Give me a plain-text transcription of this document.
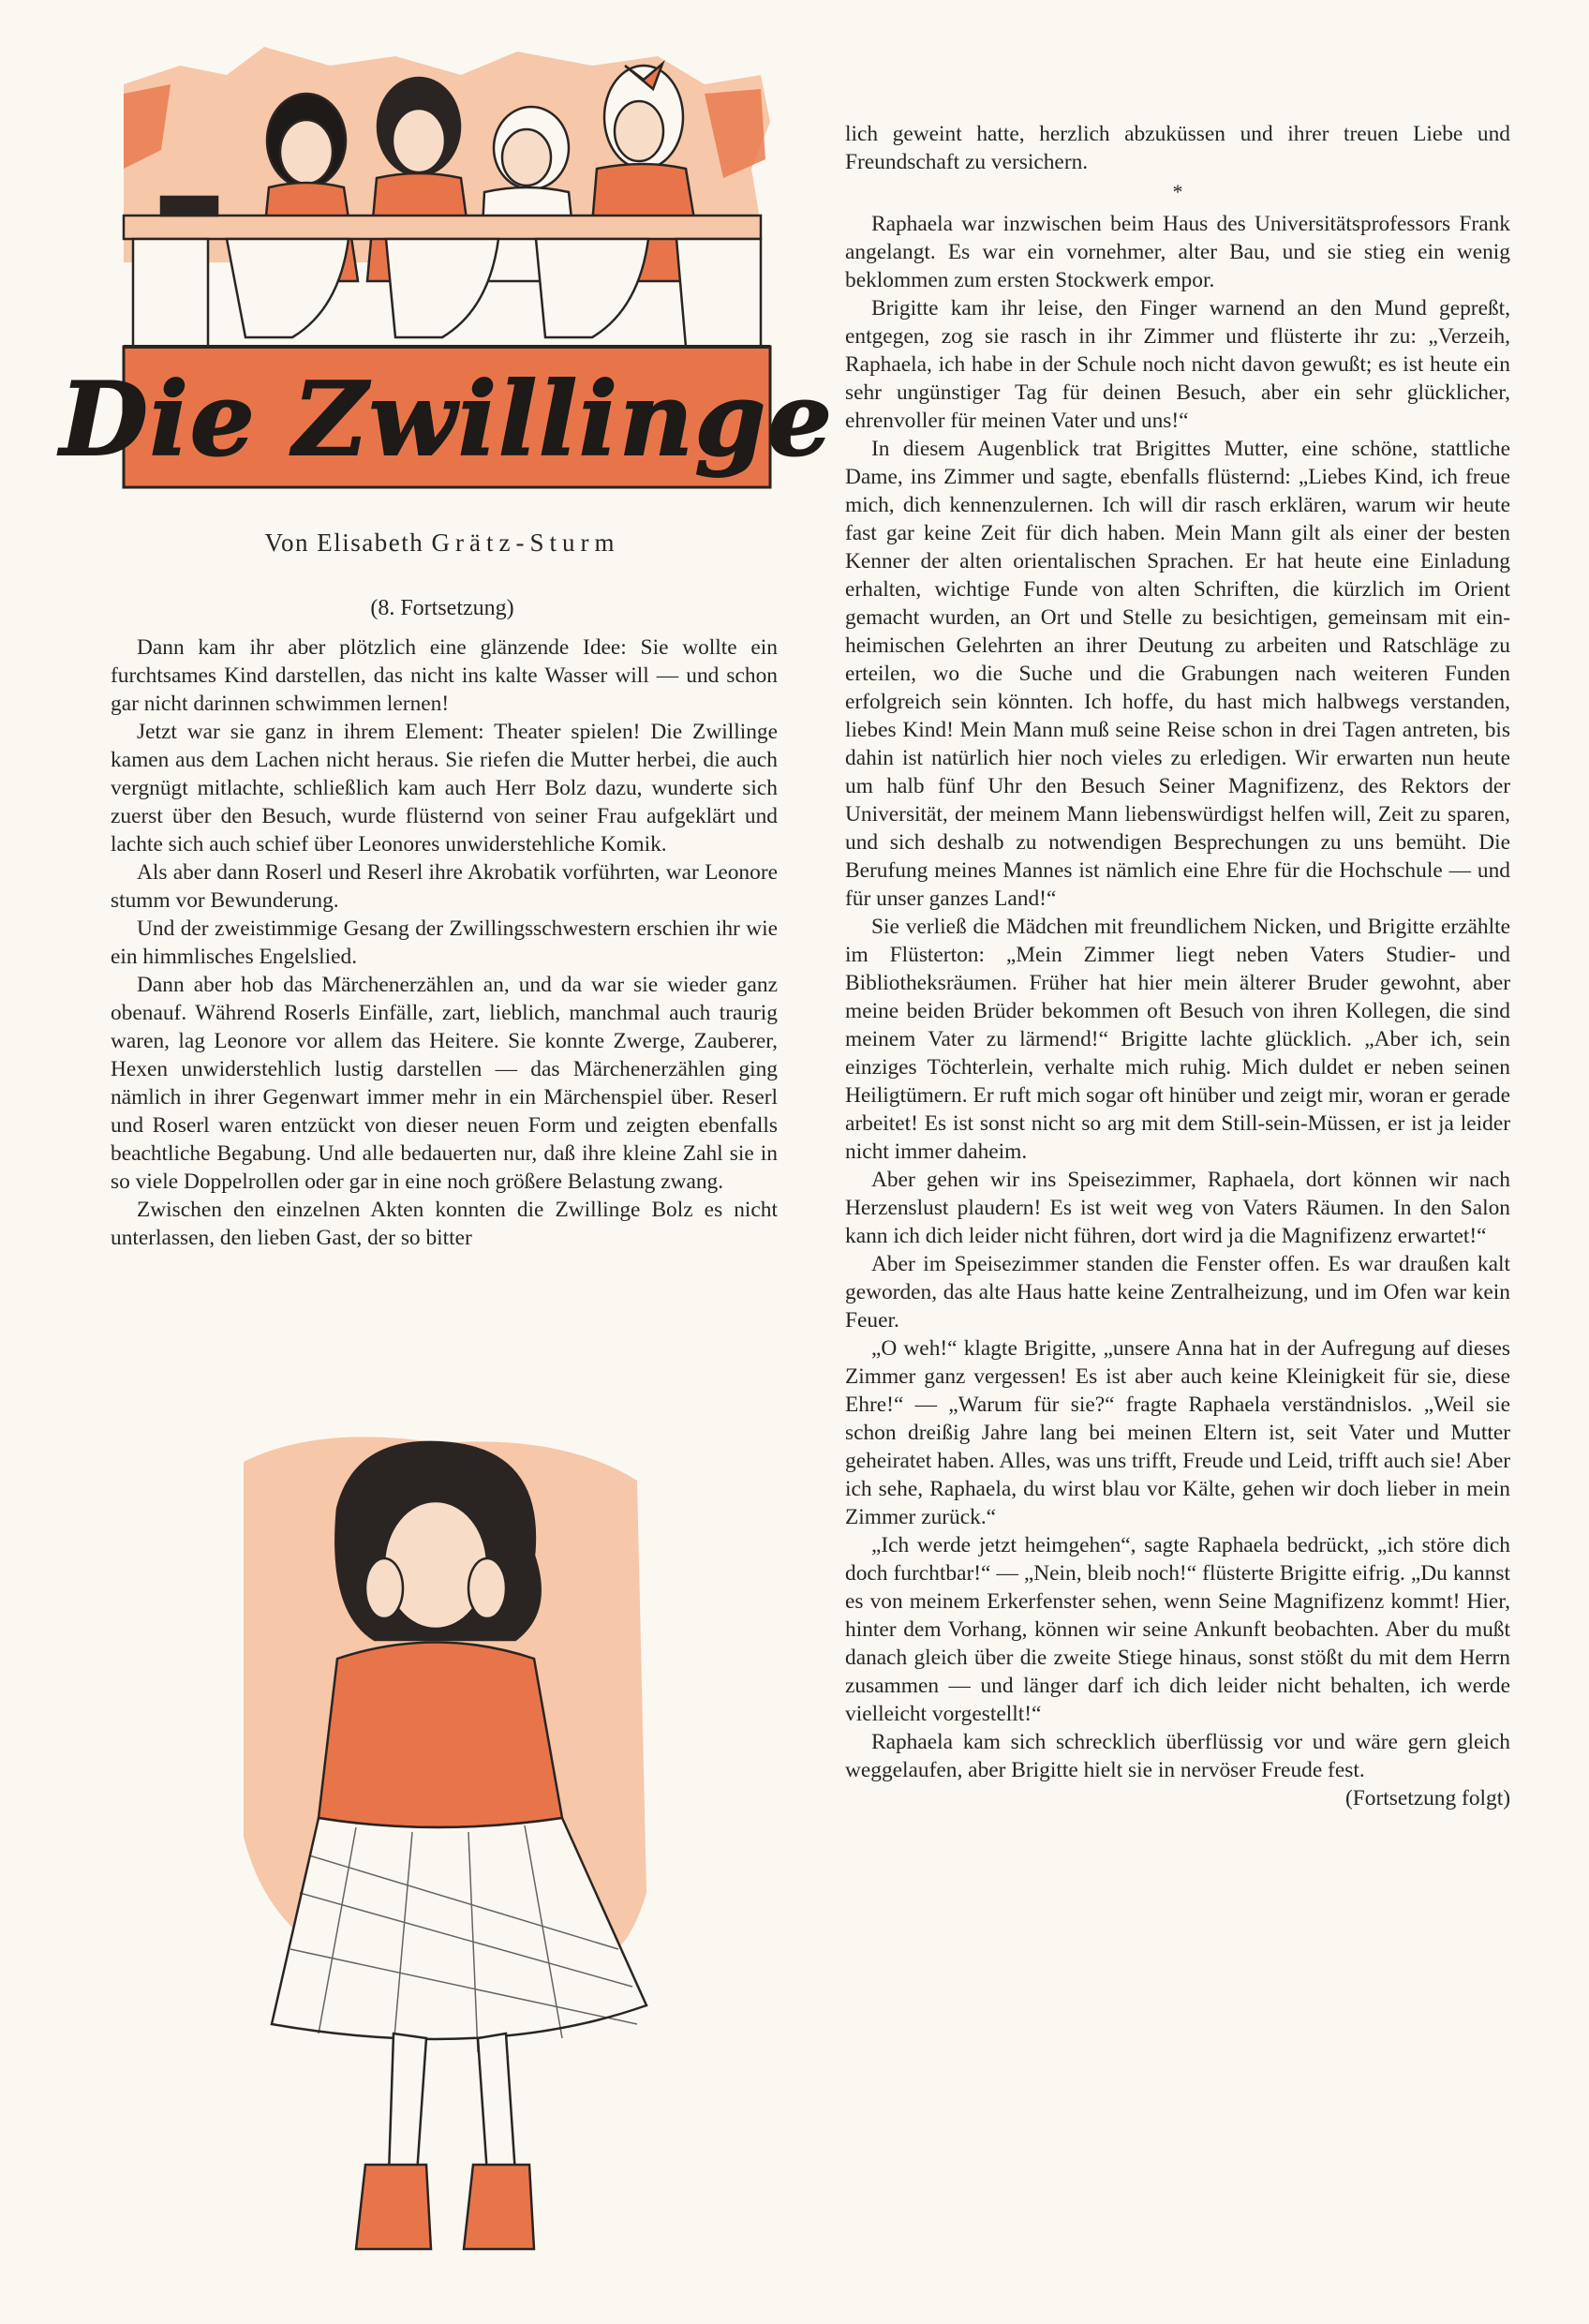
Die Zwillinge

Von Elisabeth Grätz-Sturm

(8. Fortsetzung)

Dann kam ihr aber plötzlich eine glänzende Idee: Sie wollte ein furchtsames Kind darstellen, das nicht ins kalte Wasser will — und schon gar nicht darinnen schwimmen lernen!

Jetzt war sie ganz in ihrem Element: Theater spielen! Die Zwillinge kamen aus dem Lachen nicht heraus. Sie riefen die Mutter herbei, die auch vergnügt mitlachte, schließlich kam auch Herr Bolz dazu, wunderte sich zuerst über den Besuch, wurde flüsternd von seiner Frau aufgeklärt und lachte sich auch schief über Leonores unwiderstehliche Komik.

Als aber dann Roserl und Reserl ihre Akrobatik vorführten, war Leonore stumm vor Bewunderung.

Und der zweistimmige Gesang der Zwillingsschwestern erschien ihr wie ein himmlisches Engelslied.

Dann aber hob das Märchenerzählen an, und da war sie wieder ganz obenauf. Während Roserls Einfälle, zart, lieblich, manchmal auch traurig waren, lag Leonore vor allem das Heitere. Sie konnte Zwerge, Zauberer, Hexen unwiderstehlich lustig darstellen — das Märchenerzählen ging nämlich in ihrer Gegenwart immer mehr in ein Märchenspiel über. Reserl und Roserl waren entzückt von dieser neuen Form und zeigten ebenfalls beachtliche Begabung. Und alle bedauerten nur, daß ihre kleine Zahl sie in so viele Doppelrollen oder gar in eine noch größere Belastung zwang.

Zwischen den einzelnen Akten konnten die Zwillinge Bolz es nicht unterlassen, den lieben Gast, der so bitter

lich geweint hatte, herzlich abzuküssen und ihrer treuen Liebe und Freundschaft zu versichern.

*

Raphaela war inzwischen beim Haus des Universitätsprofessors Frank angelangt. Es war ein vornehmer, alter Bau, und sie stieg ein wenig beklommen zum ersten Stockwerk empor.

Brigitte kam ihr leise, den Finger warnend an den Mund gepreßt, entgegen, zog sie rasch in ihr Zimmer und flüsterte ihr zu: „Verzeih, Raphaela, ich habe in der Schule noch nicht davon gewußt; es ist heute ein sehr ungünstiger Tag für deinen Besuch, aber ein sehr glücklicher, ehrenvoller für meinen Vater und uns!“

In diesem Augenblick trat Brigittes Mutter, eine schöne, stattliche Dame, ins Zimmer und sagte, ebenfalls flüsternd: „Liebes Kind, ich freue mich, dich kennenzulernen. Ich will dir rasch erklären, warum wir heute fast gar keine Zeit für dich haben. Mein Mann gilt als einer der besten Kenner der alten orientalischen Sprachen. Er hat heute eine Einladung erhalten, wichtige Funde von alten Schriften, die kürzlich im Orient gemacht wurden, an Ort und Stelle zu besichtigen, gemeinsam mit einheimischen Gelehrten an ihrer Deutung zu arbeiten und Ratschläge zu erteilen, wo die Suche und die Grabungen nach weiteren Funden erfolgreich sein könnten. Ich hoffe, du hast mich halbwegs verstanden, liebes Kind! Mein Mann muß seine Reise schon in drei Tagen antreten, bis dahin ist natürlich hier noch vieles zu erledigen. Wir erwarten nun heute um halb fünf Uhr den Besuch Seiner Magnifizenz, des Rektors der Universität, der meinem Mann liebenswürdigst helfen will, Zeit zu sparen, und sich deshalb zu notwendigen Besprechungen zu uns bemüht. Die Berufung meines Mannes ist nämlich eine Ehre für die Hochschule — und für unser ganzes Land!“

Sie verließ die Mädchen mit freundlichem Nicken, und Brigitte erzählte im Flüsterton: „Mein Zimmer liegt neben Vaters Studier- und Bibliotheksräumen. Früher hat hier mein älterer Bruder gewohnt, aber meine beiden Brüder bekommen oft Besuch von ihren Kollegen, die sind meinem Vater zu lärmend!“ Brigitte lachte glücklich. „Aber ich, sein einziges Töchterlein, verhalte mich ruhig. Mich duldet er neben seinen Heiligtümern. Er ruft mich sogar oft hinüber und zeigt mir, woran er gerade arbeitet! Es ist sonst nicht so arg mit dem Still-sein-Müssen, er ist ja leider nicht immer daheim.

Aber gehen wir ins Speisezimmer, Raphaela, dort können wir nach Herzenslust plaudern! Es ist weit weg von Vaters Räumen. In den Salon kann ich dich leider nicht führen, dort wird ja die Magnifizenz erwartet!“

Aber im Speisezimmer standen die Fenster offen. Es war draußen kalt geworden, das alte Haus hatte keine Zentralheizung, und im Ofen war kein Feuer.

„O weh!“ klagte Brigitte, „unsere Anna hat in der Aufregung auf dieses Zimmer ganz vergessen! Es ist aber auch keine Kleinigkeit für sie, diese Ehre!“ — „Warum für sie?“ fragte Raphaela verständnislos. „Weil sie schon dreißig Jahre lang bei meinen Eltern ist, seit Vater und Mutter geheiratet haben. Alles, was uns trifft, Freude und Leid, trifft auch sie! Aber ich sehe, Raphaela, du wirst blau vor Kälte, gehen wir doch lieber in mein Zimmer zurück.“

„Ich werde jetzt heimgehen“, sagte Raphaela bedrückt, „ich störe dich doch furchtbar!“ — „Nein, bleib noch!“ flüsterte Brigitte eifrig. „Du kannst es von meinem Erkerfenster sehen, wenn Seine Magnifizenz kommt! Hier, hinter dem Vorhang, können wir seine Ankunft beobachten. Aber du mußt danach gleich über die zweite Stiege hinaus, sonst stößt du mit dem Herrn zusammen — und länger darf ich dich leider nicht behalten, ich werde vielleicht vorgestellt!“

Raphaela kam sich schrecklich überflüssig vor und wäre gern gleich weggelaufen, aber Brigitte hielt sie in nervöser Freude fest.
(Fortsetzung folgt)
